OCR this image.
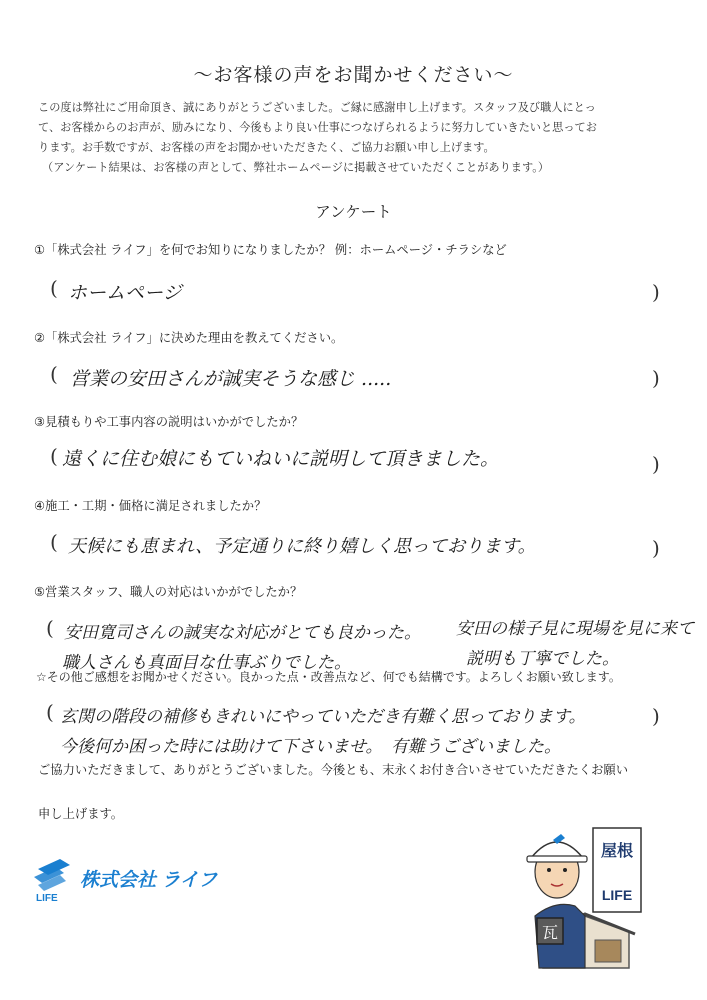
～お客様の声をお聞かせください～

この度は弊社にご用命頂き、誠にありがとうございました。ご縁に感謝申し上げます。スタッフ及び職人にとっ

て、お客様からのお声が、励みになり、今後もより良い仕事につなげられるように努力していきたいと思ってお

ります。お手数ですが、お客様の声をお聞かせいただきたく、ご協力お願い申し上げます。

（アンケート結果は、お客様の声として、弊社ホームページに掲載させていただくことがあります。）

アンケート
①「株式会社 ライフ」を何でお知りになりましたか？ 例：ホームページ・チラシなど
( ホームページ	)
②「株式会社 ライフ」に決めた理由を教えてください。
( 営業の安田さんが誠実そうな感じ .....	)
③見積もりや工事内容の説明はいかがでしたか？
( 遠くに住む娘にもていねいに説明して頂きました。	)
④施工・工期・価格に満足されましたか？
( 天候にも恵まれ、予定通りに終り嬉しく思っております。	)
⑤営業スタッフ、職人の対応はいかがでしたか？
( 安田寛司さんの誠実な対応がとても良かった。 安田の様子見に現場を見に来て
職人さんも真面目な仕事ぶりでした。	説明も丁寧でした。
☆その他ご感想をお聞かせください。良かった点・改善点など、何でも結構です。よろしくお願い致します。
( 玄関の階段の補修もきれいにやっていただき有難く思っております。	)
今後何か困った時には助けて下さいませ。　有難うございました。
ご協力いただきまして、ありがとうございました。今後とも、末永くお付き合いさせていただきたくお願い
申し上げます。
LIFE
株式会社 ライフ
瓦
屋根
LIFE
